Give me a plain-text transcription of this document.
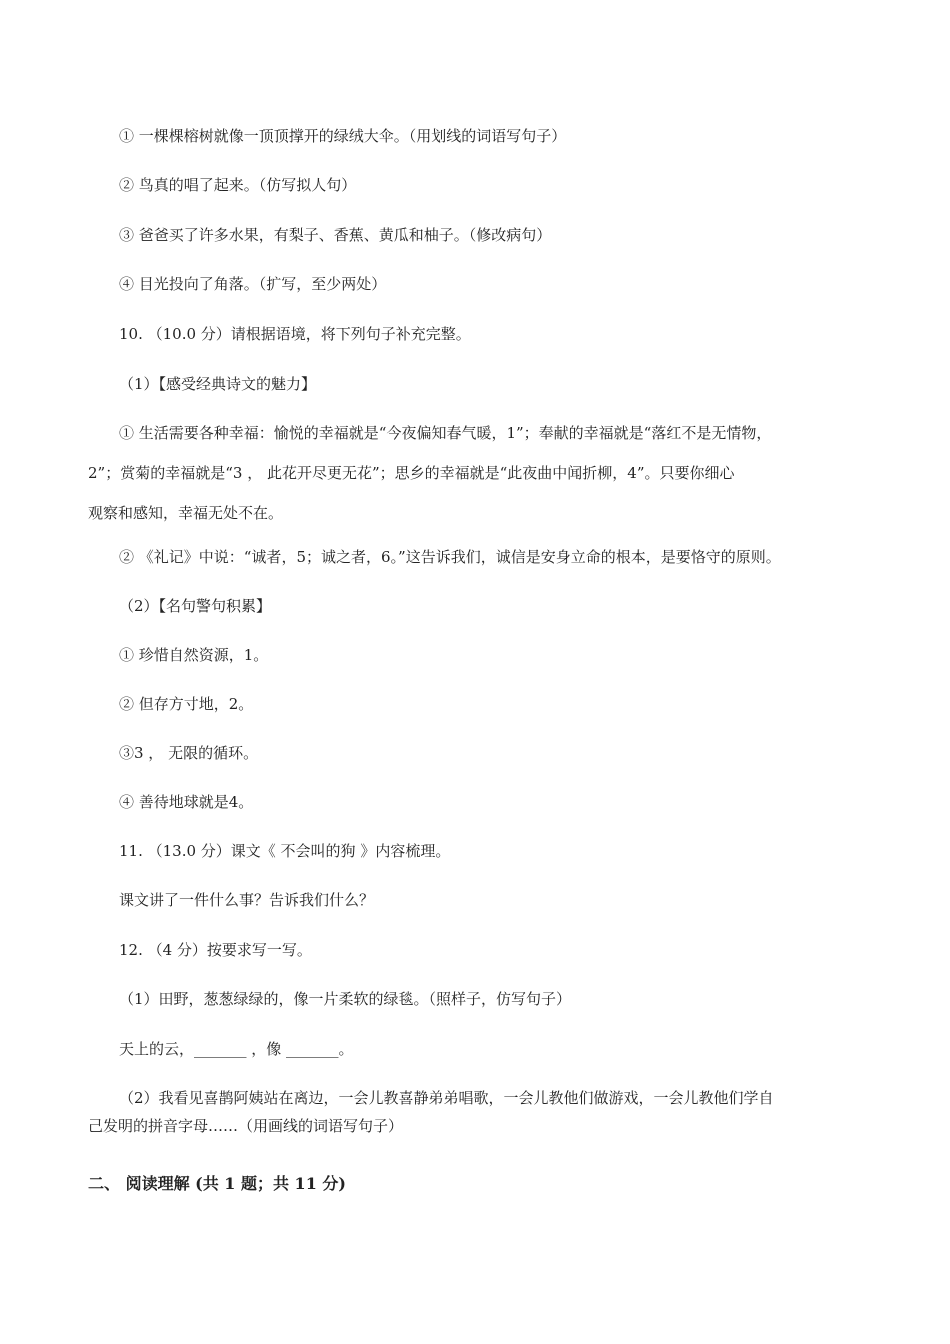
① 一棵棵榕树就像一顶顶撑开的绿绒大伞。（用划线的词语写句子）
② 鸟真的唱了起来。（仿写拟人句）
③ 爸爸买了许多水果，有梨子、香蕉、黄瓜和柚子。（修改病句）
④ 目光投向了角落。（扩写，至少两处）
10. （10.0 分）请根据语境，将下列句子补充完整。
（1）【感受经典诗文的魅力】

① 生活需要各种幸福：愉悦的幸福就是“今夜偏知春气暖，1”；奉献的幸福就是“落红不是无情物，

2”；赏菊的幸福就是“3 ， 此花开尽更无花”；思乡的幸福就是“此夜曲中闻折柳，4”。只要你细心

观察和感知，幸福无处不在。

② 《礼记》中说：“诚者，5；诚之者，6。”这告诉我们，诚信是安身立命的根本，是要恪守的原则。
（2）【名句警句积累】
① 珍惜自然资源，1。
② 但存方寸地，2。
③3 ， 无限的循环。
④ 善待地球就是4。
11. （13.0 分）课文《 不会叫的狗 》内容梳理。
课文讲了一件什么事？告诉我们什么？
12. （4 分）按要求写一写。
（1）田野，葱葱绿绿的，像一片柔软的绿毯。（照样子，仿写句子）
天上的云，_______ ，像 _______。

（2）我看见喜鹊阿姨站在离边，一会儿教喜静弟弟唱歌，一会儿教他们做游戏，一会儿教他们学自

己发明的拼音字母……（用画线的词语写句子）

二、 阅读理解 (共 1 题；共 11 分)
